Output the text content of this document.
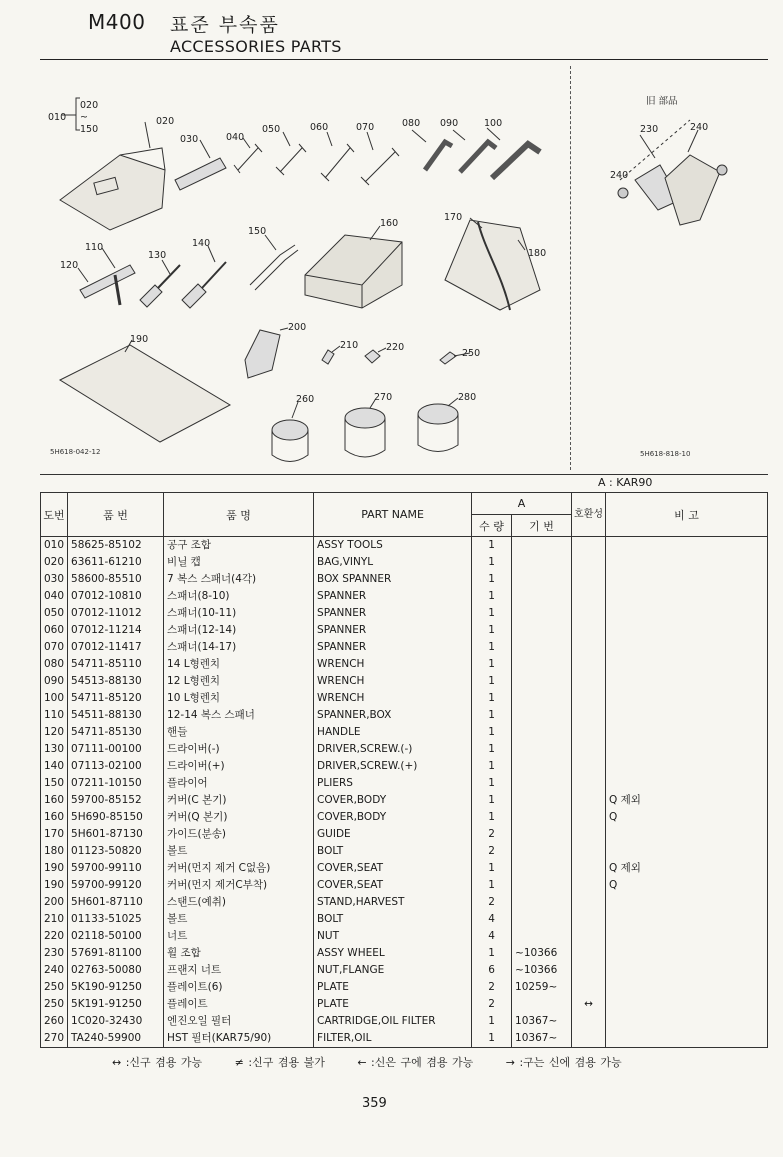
M400 표준 부속품
ACCESSORIES PARTS
020
~
150
010	020
030	040
050	060	070	080 090	100
110
120
130
140
150
160
170
180
190
200
210	220
250
260	270	280
230	240
240
旧 部品
5H618-042-12	5H618-818-10
A : KAR90
도번	품 번	품 명	PART NAME	A		호환성	비 고
				수 량	기 번		
010	58625-85102	공구 조합	ASSY TOOLS	1			
020	63611-61210	비닐 캡	BAG,VINYL	1			
030	58600-85510	7 복스 스패너(4각)	BOX SPANNER	1			
040	07012-10810	스패너(8-10)	SPANNER	1			
050	07012-11012	스패너(10-11)	SPANNER	1			
060	07012-11214	스패너(12-14)	SPANNER	1			
070	07012-11417	스패너(14-17)	SPANNER	1			
080	54711-85110	14 L형렌치	WRENCH	1			
090	54513-88130	12 L형렌치	WRENCH	1			
100	54711-85120	10 L형렌치	WRENCH	1			
110	54511-88130	12-14 복스 스패너	SPANNER,BOX	1			
120	54711-85130	핸들	HANDLE	1			
130	07111-00100	드라이버(-)	DRIVER,SCREW.(-)	1			
140	07113-02100	드라이버(+)	DRIVER,SCREW.(+)	1			
150	07211-10150	플라이어	PLIERS	1			
160	59700-85152	커버(C 본기)	COVER,BODY	1			Q 제외
160	5H690-85150	커버(Q 본기)	COVER,BODY	1			Q
170	5H601-87130	가이드(분송)	GUIDE	2			
180	01123-50820	볼트	BOLT	2			
190	59700-99110	커버(먼지 제거 C없음)	COVER,SEAT	1			Q 제외
190	59700-99120	커버(먼지 제거C부착)	COVER,SEAT	1			Q
200	5H601-87110	스탠드(예취)	STAND,HARVEST	2			
210	01133-51025	볼트	BOLT	4			
220	02118-50100	너트	NUT	4			
230	57691-81100	휠 조합	ASSY WHEEL	1	~10366		
240	02763-50080	프랜지 너트	NUT,FLANGE	6	~10366		
250	5K190-91250	플레이트(6)	PLATE	2	10259~		
250	5K191-91250	플레이트	PLATE	2		↔	
260	1C020-32430	엔진오일 필터	CARTRIDGE,OIL FILTER	1	10367~		
270	TA240-59900	HST 필터(KAR75/90)	FILTER,OIL	1	10367~		
↔ :신구 겸용 가능	≠ :신구 겸용 불가	← :신은 구에 겸용 가능	→ :구는 신에 겸용 가능
359
